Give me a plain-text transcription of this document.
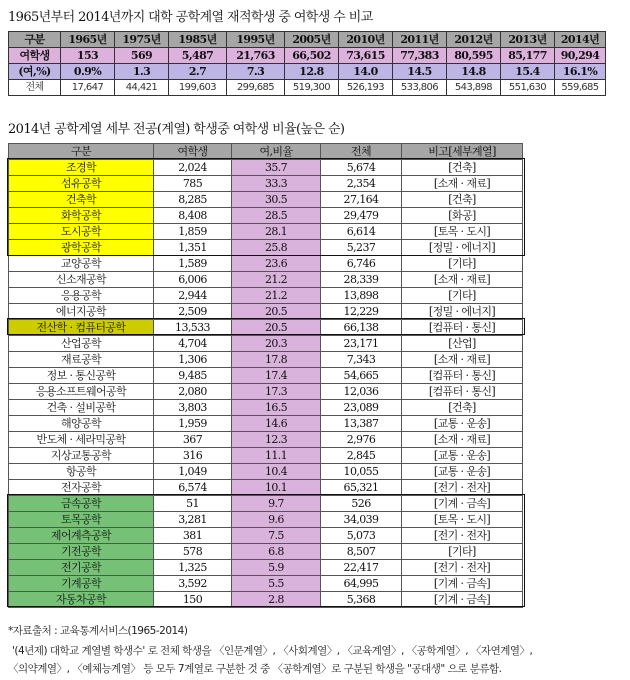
1965년부터 2014년까지 대학 공학계열 재적학생 중 여학생 수 비교
구분	1965년	1975년	1985년	1995년	2005년	2010년	2011년	2012년	2013년	2014년
여학생	153	569	5,487	21,763	66,502	73,615	77,383	80,595	85,177	90,294
(여,%)	0.9%	1.3	2.7	7.3	12.8	14.0	14.5	14.8	15.4	16.1%
전체	17,647	44,421	199,603	299,685	519,300	526,193	533,806	543,898	551,630	559,685
2014년 공학계열 세부 전공(계열) 학생중 여학생 비율(높은 순)
구분	여학생	여,비율	전체	비고[세부계열]
조경학	2,024	35.7	5,674	[건축]
섬유공학	785	33.3	2,354	[소재 · 재료]
건축학	8,285	30.5	27,164	[건축]
화학공학	8,408	28.5	29,479	[화공]
도시공학	1,859	28.1	6,614	[토목 · 도시]
광학공학	1,351	25.8	5,237	[정밀 · 에너지]
교양공학	1,589	23.6	6,746	[기타]
신소재공학	6,006	21.2	28,339	[소재 · 재료]
응용공학	2,944	21.2	13,898	[기타]
에너지공학	2,509	20.5	12,229	[정밀 · 에너지]
전산학 · 컴퓨터공학	13,533	20.5	66,138	[컴퓨터 · 통신]
산업공학	4,704	20.3	23,171	[산업]
재료공학	1,306	17.8	7,343	[소재 · 재료]
정보 · 통신공학	9,485	17.4	54,665	[컴퓨터 · 통신]
응용소프트웨어공학	2,080	17.3	12,036	[컴퓨터 · 통신]
건축 · 설비공학	3,803	16.5	23,089	[건축]
해양공학	1,959	14.6	13,387	[교통 · 운송]
반도체 · 세라믹공학	367	12.3	2,976	[소재 · 재료]
지상교통공학	316	11.1	2,845	[교통 · 운송]
항공학	1,049	10.4	10,055	[교통 · 운송]
전자공학	6,574	10.1	65,321	[전기 · 전자]
금속공학	51	9.7	526	[기계 · 금속]
토목공학	3,281	9.6	34,039	[토목 · 도시]
제어계측공학	381	7.5	5,073	[전기 · 전자]
기전공학	578	6.8	8,507	[기타]
전기공학	1,325	5.9	22,417	[전기 · 전자]
기계공학	3,592	5.5	64,995	[기계 · 금속]
자동차공학	150	2.8	5,368	[기계 · 금속]
*자료출처 : 교육통계서비스(1965-2014)
'(4년제) 대학교 계열별 학생수' 로 전체 학생을 〈인문계열〉, 〈사회계열〉, 〈교육계열〉, 〈공학계열〉, 〈자연계열〉,
〈의약계열〉, 〈예체능계열〉 등 모두 7계열로 구분한 것 중 〈공학계열〉로 구분된 학생을 "공대생" 으로 분류함.
